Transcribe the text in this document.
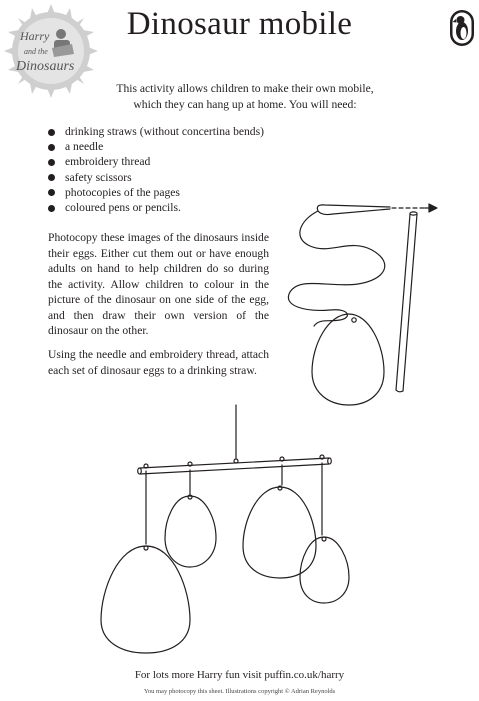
Harry
and the
Dinosaurs
Dinosaur mobile
This activity allows children to make their own mobile,
which they can hang up at home. You will need:
drinking straws (without concertina bends)
a needle
embroidery thread
safety scissors
photocopies of the pages
coloured pens or pencils.

Photocopy these images of the dinosaurs inside their eggs. Either cut them out or have enough adults on hand to help children do so during the activity. Allow children to colour in the picture of the dinosaur on one side of the egg, and then draw their own version of the dinosaur on the other.

Using the needle and embroidery thread, attach each set of dinosaur eggs to a drinking straw.

For lots more Harry fun visit puffin.co.uk/harry
You may photocopy this sheet. Illustrations copyright © Adrian Reynolds
